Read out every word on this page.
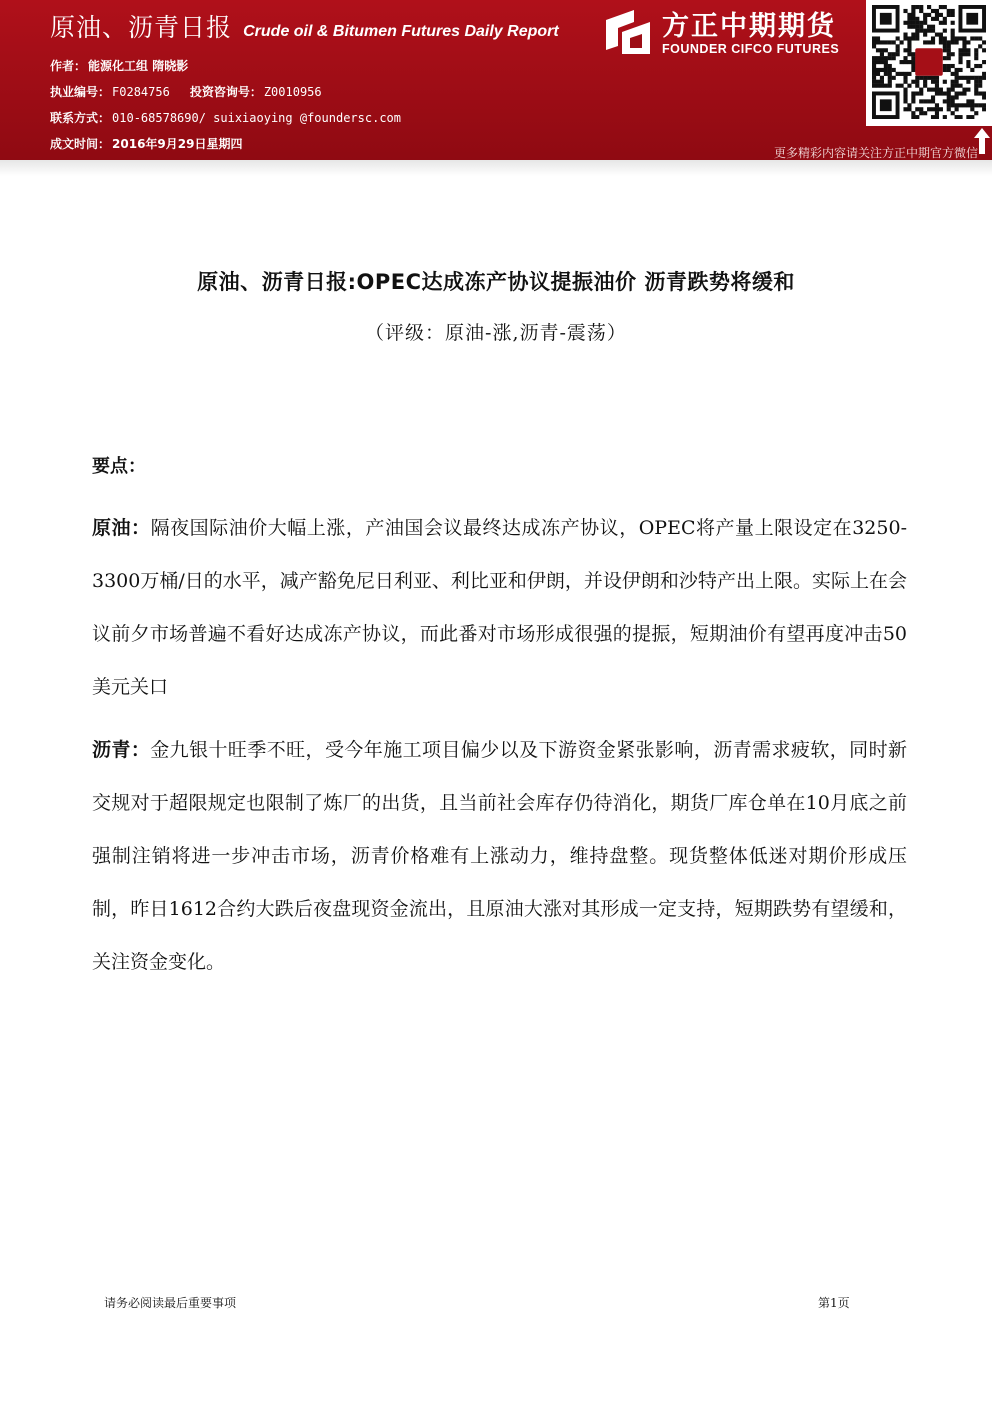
原油、沥青日报 Crude oil & Bitumen Futures Daily Report
作者： 能源化工组 隋晓影
执业编号： F0284756 投资咨询号： Z0010956
联系方式： 010-68578690/ suixiaoying @foundersc.com
成文时间： 2016年9月29日星期四
方正中期期货
FOUNDER CIFCO FUTURES
更多精彩内容请关注方正中期官方微信
原油、沥青日报:OPEC达成冻产协议提振油价 沥青跌势将缓和
（评级：原油-涨,沥青-震荡）
要点：
原油：隔夜国际油价大幅上涨，产油国会议最终达成冻产协议，OPEC将产量上限设定在3250-3300万桶/日的水平，减产豁免尼日利亚、利比亚和伊朗，并设伊朗和沙特产出上限。实际上在会议前夕市场普遍不看好达成冻产协议，而此番对市场形成很强的提振，短期油价有望再度冲击50美元关口
沥青：金九银十旺季不旺，受今年施工项目偏少以及下游资金紧张影响，沥青需求疲软，同时新交规对于超限规定也限制了炼厂的出货，且当前社会库存仍待消化，期货厂库仓单在10月底之前强制注销将进一步冲击市场，沥青价格难有上涨动力，维持盘整。现货整体低迷对期价形成压制，昨日1612合约大跌后夜盘现资金流出，且原油大涨对其形成一定支持，短期跌势有望缓和，关注资金变化。
请务必阅读最后重要事项	第1页
